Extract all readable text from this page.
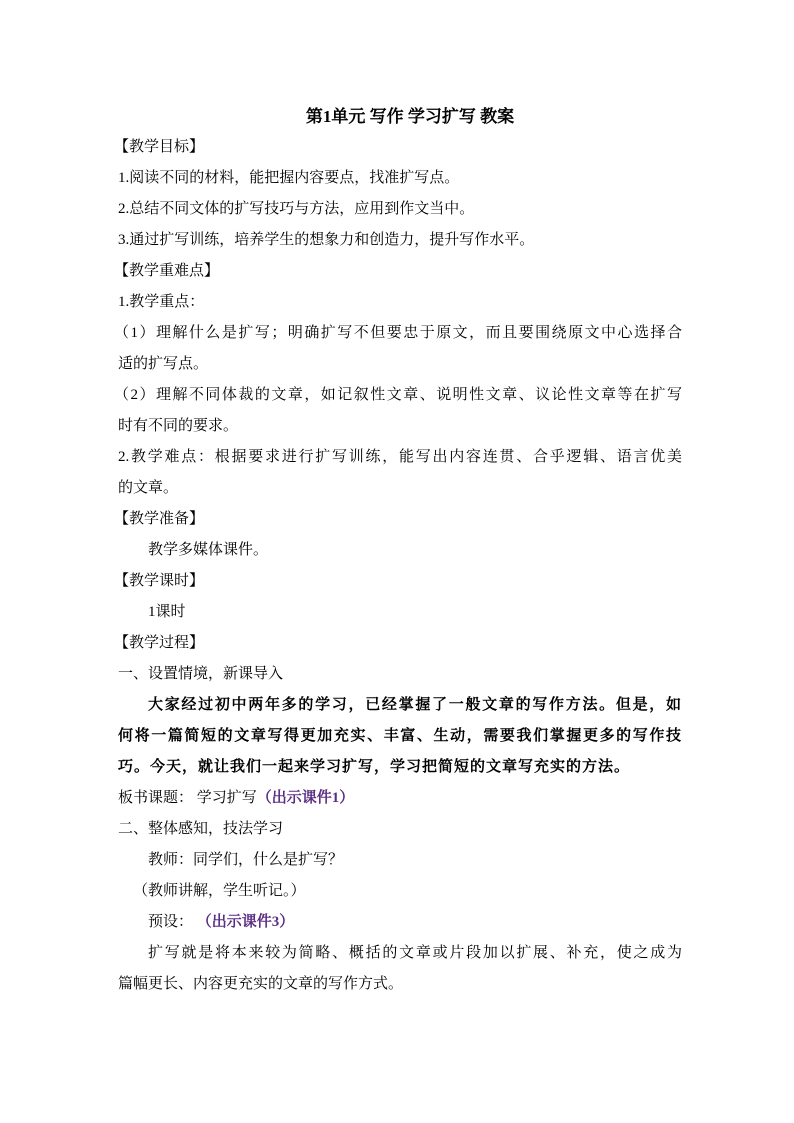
第1单元 写作 学习扩写 教案
【教学目标】
1.阅读不同的材料，能把握内容要点，找准扩写点。
2.总结不同文体的扩写技巧与方法，应用到作文当中。
3.通过扩写训练，培养学生的想象力和创造力，提升写作水平。
【教学重难点】
1.教学重点：
（1）理解什么是扩写；明确扩写不但要忠于原文，而且要围绕原文中心选择合
适的扩写点。
（2）理解不同体裁的文章，如记叙性文章、说明性文章、议论性文章等在扩写
时有不同的要求。
2.教学难点：根据要求进行扩写训练，能写出内容连贯、合乎逻辑、语言优美
的文章。
【教学准备】
教学多媒体课件。
【教学课时】
1课时
【教学过程】
一、设置情境，新课导入
大家经过初中两年多的学习，已经掌握了一般文章的写作方法。但是，如
何将一篇简短的文章写得更加充实、丰富、生动，需要我们掌握更多的写作技
巧。今天，就让我们一起来学习扩写，学习把简短的文章写充实的方法。
板书课题： 学习扩写（出示课件1）
二、整体感知，技法学习
教师：同学们，什么是扩写？
（教师讲解，学生听记。）
预设： （出示课件3）
扩写就是将本来较为简略、概括的文章或片段加以扩展、补充，使之成为
篇幅更长、内容更充实的文章的写作方式。
